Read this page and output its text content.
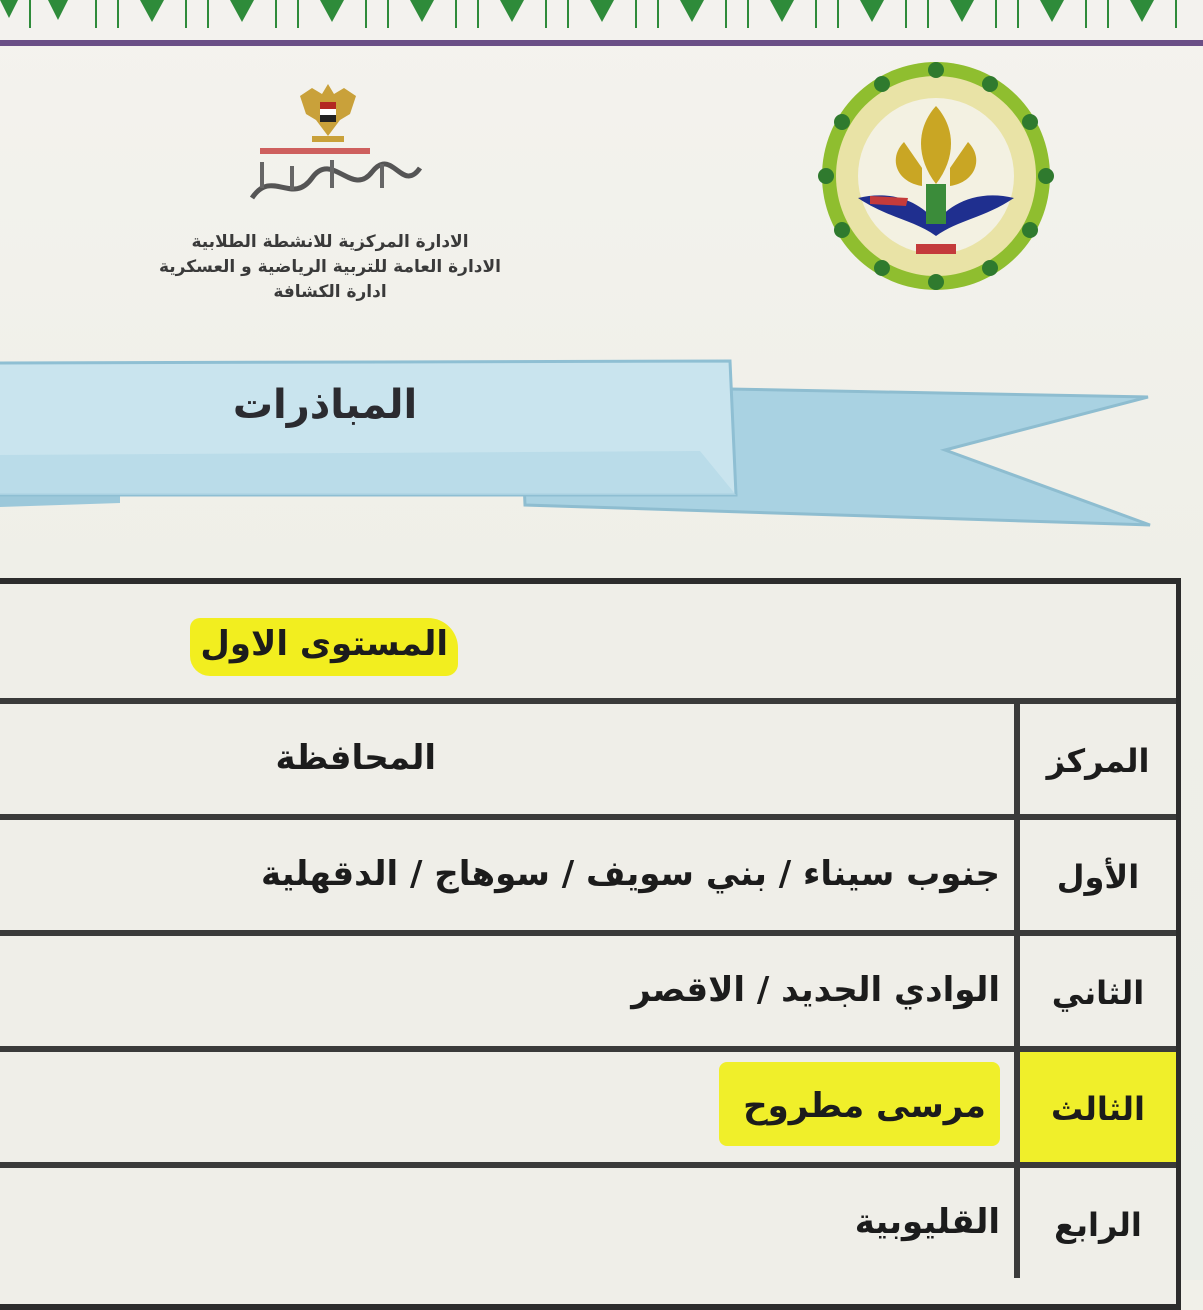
الادارة المركزية للانشطة الطلابية
الادارة العامة للتربية الرياضية و العسكرية
ادارة الكشافة
المباذرات
المستوى الاول
المركز
المحافظة
الأول
جنوب سيناء / بني سويف / سوهاج / الدقهلية
الثاني
الوادي الجديد / الاقصر
الثالث
مرسى مطروح
الرابع
القليوبية
